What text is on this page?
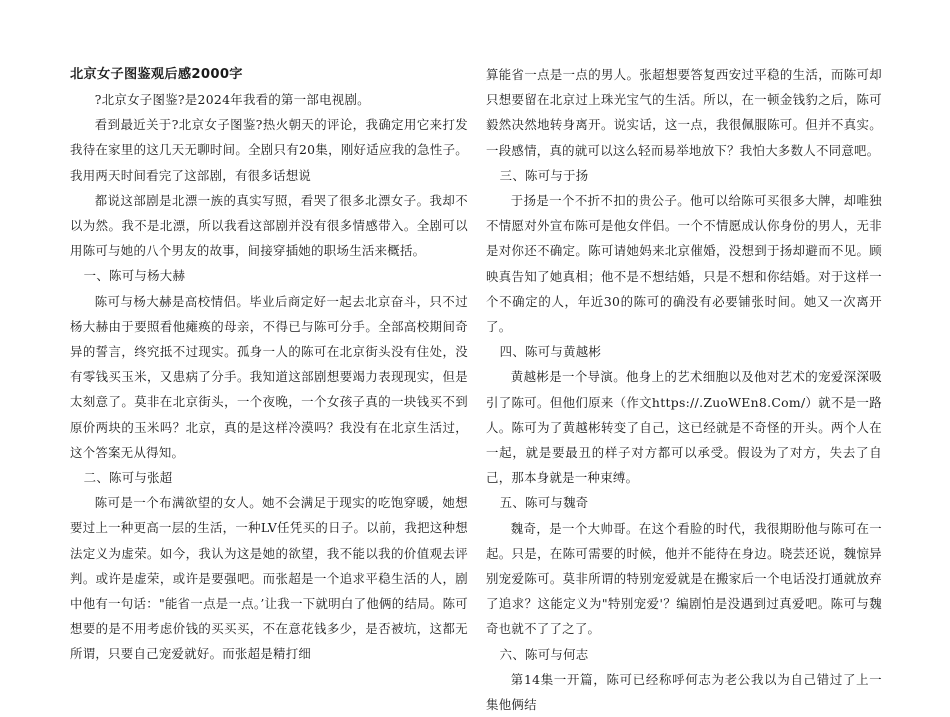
北京女子图鉴观后感2000字

?北京女子图鉴?是2024年我看的第一部电视剧。

看到最近关于?北京女子图鉴?热火朝天的评论，我确定用它来打发我待在家里的这几天无聊时间。全剧只有20集，刚好适应我的急性子。我用两天时间看完了这部剧，有很多话想说

都说这部剧是北漂一族的真实写照，看哭了很多北漂女子。我却不以为然。我不是北漂，所以我看这部剧并没有很多情感带入。全剧可以用陈可与她的八个男友的故事，间接穿插她的职场生活来概括。

一、陈可与杨大赫

陈可与杨大赫是高校情侣。毕业后商定好一起去北京奋斗，只不过杨大赫由于要照看他瘫痪的母亲，不得已与陈可分手。全部高校期间奇异的誓言，终究抵不过现实。孤身一人的陈可在北京街头没有住处，没有零钱买玉米，又患病了分手。我知道这部剧想要竭力表现现实，但是太刻意了。莫非在北京街头，一个夜晚，一个女孩子真的一块钱买不到原价两块的玉米吗？北京，真的是这样冷漠吗？我没有在北京生活过，这个答案无从得知。

二、陈可与张超

陈可是一个布满欲望的女人。她不会满足于现实的吃饱穿暖，她想要过上一种更高一层的生活，一种LV任凭买的日子。以前，我把这种想法定义为虚荣。如今，我认为这是她的欲望，我不能以我的价值观去评判。或许是虚荣，或许是要强吧。而张超是一个追求平稳生活的人，剧中他有一句话："能省一点是一点。’让我一下就明白了他俩的结局。陈可想要的是不用考虑价钱的买买买，不在意花钱多少，是否被坑，这都无所谓，只要自己宠爱就好。而张超是精打细

算能省一点是一点的男人。张超想要答复西安过平稳的生活，而陈可却只想要留在北京过上珠光宝气的生活。所以，在一顿金钱豹之后，陈可毅然决然地转身离开。说实话，这一点，我很佩服陈可。但并不真实。一段感情，真的就可以这么轻而易举地放下？我怕大多数人不同意吧。

三、陈可与于扬

于扬是一个不折不扣的贵公子。他可以给陈可买很多大牌，却唯独不情愿对外宣布陈可是他女伴侣。一个不情愿成认你身份的男人，无非是对你还不确定。陈可请她妈来北京催婚，没想到于扬却避而不见。顾映真告知了她真相；他不是不想结婚，只是不想和你结婚。对于这样一个不确定的人，年近30的陈可的确没有必要铺张时间。她又一次离开了。

四、陈可与黄越彬

黄越彬是一个导演。他身上的艺术细胞以及他对艺术的宠爱深深吸引了陈可。但他们原来（作文https://.ZuoWEn8.Com/）就不是一路人。陈可为了黄越彬转变了自己，这已经就是不奇怪的开头。两个人在一起，就是要最丑的样子对方都可以承受。假设为了对方，失去了自己，那本身就是一种束缚。

五、陈可与魏奇

魏奇，是一个大帅哥。在这个看脸的时代，我很期盼他与陈可在一起。只是，在陈可需要的时候，他并不能待在身边。晓芸还说，魏惊异别宠爱陈可。莫非所谓的特别宠爱就是在搬家后一个电话没打通就放弃了追求？这能定义为"特别宠爱'？编剧怕是没遇到过真爱吧。陈可与魏奇也就不了了之了。

六、陈可与何志

第14集一开篇，陈可已经称呼何志为老公我以为自己错过了上一集他俩结
